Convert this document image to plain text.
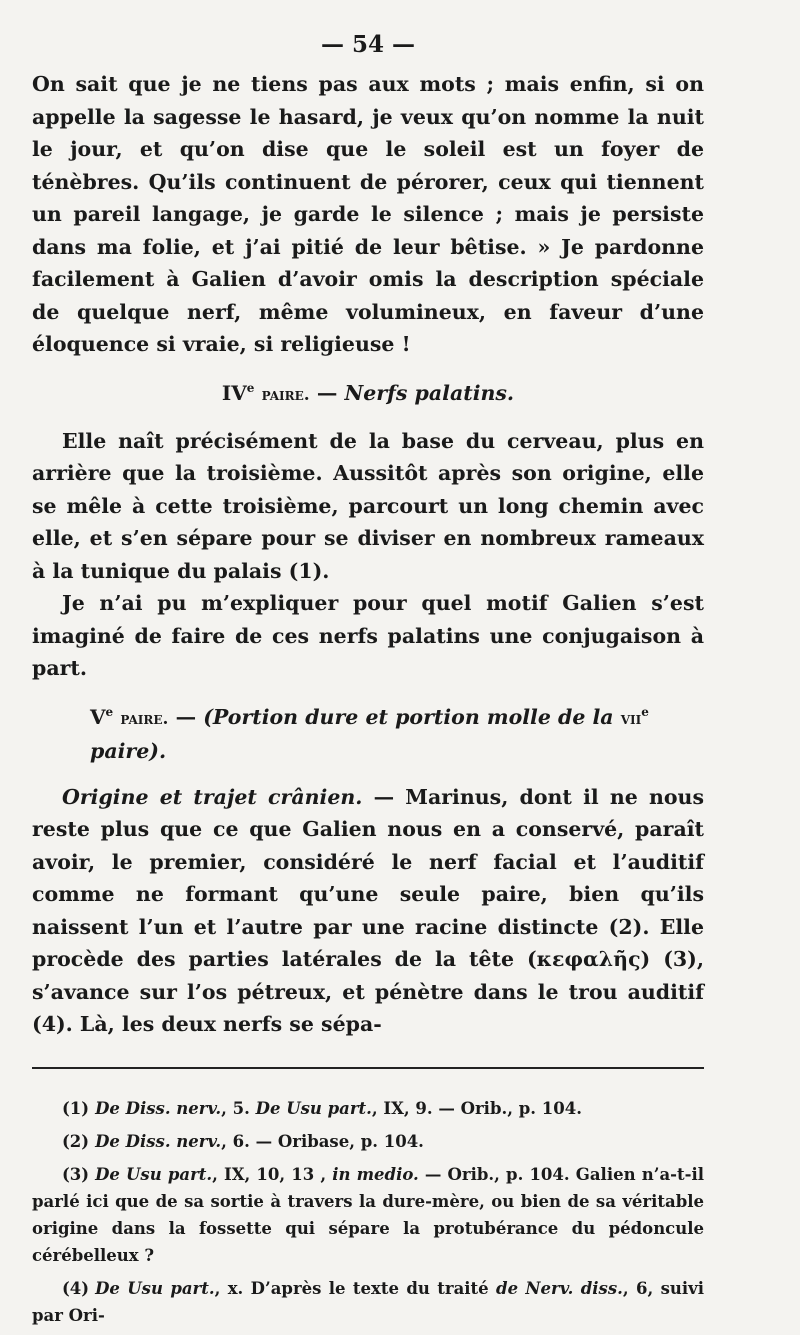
— 54 —

On sait que je ne tiens pas aux mots ; mais enfin, si on appelle la sagesse le hasard, je veux qu’on nomme la nuit le jour, et qu’on dise que le soleil est un foyer de ténèbres. Qu’ils continuent de pérorer, ceux qui tiennent un pareil langage, je garde le silence ; mais je persiste dans ma folie, et j’ai pitié de leur bêtise. » Je pardonne facilement à Galien d’avoir omis la description spéciale de quelque nerf, même volumineux, en faveur d’une éloquence si vraie, si religieuse !

IVe paire. — Nerfs palatins.

Elle naît précisément de la base du cerveau, plus en arrière que la troisième. Aussitôt après son origine, elle se mêle à cette troisième, parcourt un long chemin avec elle, et s’en sépare pour se diviser en nombreux rameaux à la tunique du palais (1).

Je n’ai pu m’expliquer pour quel motif Galien s’est imaginé de faire de ces nerfs palatins une conjugaison à part.

Ve paire. — (Portion dure et portion molle de la vii$^e$ paire).

Origine et trajet crânien. — Marinus, dont il ne nous reste plus que ce que Galien nous en a conservé, paraît avoir, le premier, considéré le nerf facial et l’auditif comme ne formant qu’une seule paire, bien qu’ils naissent l’un et l’autre par une racine distincte (2). Elle procède des parties latérales de la tête (κεφαλῆς) (3), s’avance sur l’os pétreux, et pénètre dans le trou auditif (4). Là, les deux nerfs se sépa-

(1) De Diss. nerv., 5. De Usu part., IX, 9. — Orib., p. 104.

(2) De Diss. nerv., 6. — Oribase, p. 104.

(3) De Usu part., IX, 10, 13 , in medio. — Orib., p. 104. Galien n’a-t-il parlé ici que de sa sortie à travers la dure-mère, ou bien de sa véritable origine dans la fossette qui sépare la protubérance du pédoncule cérébelleux ?

(4) De Usu part., x. D’après le texte du traité de Nerv. diss., 6, suivi par Ori-
